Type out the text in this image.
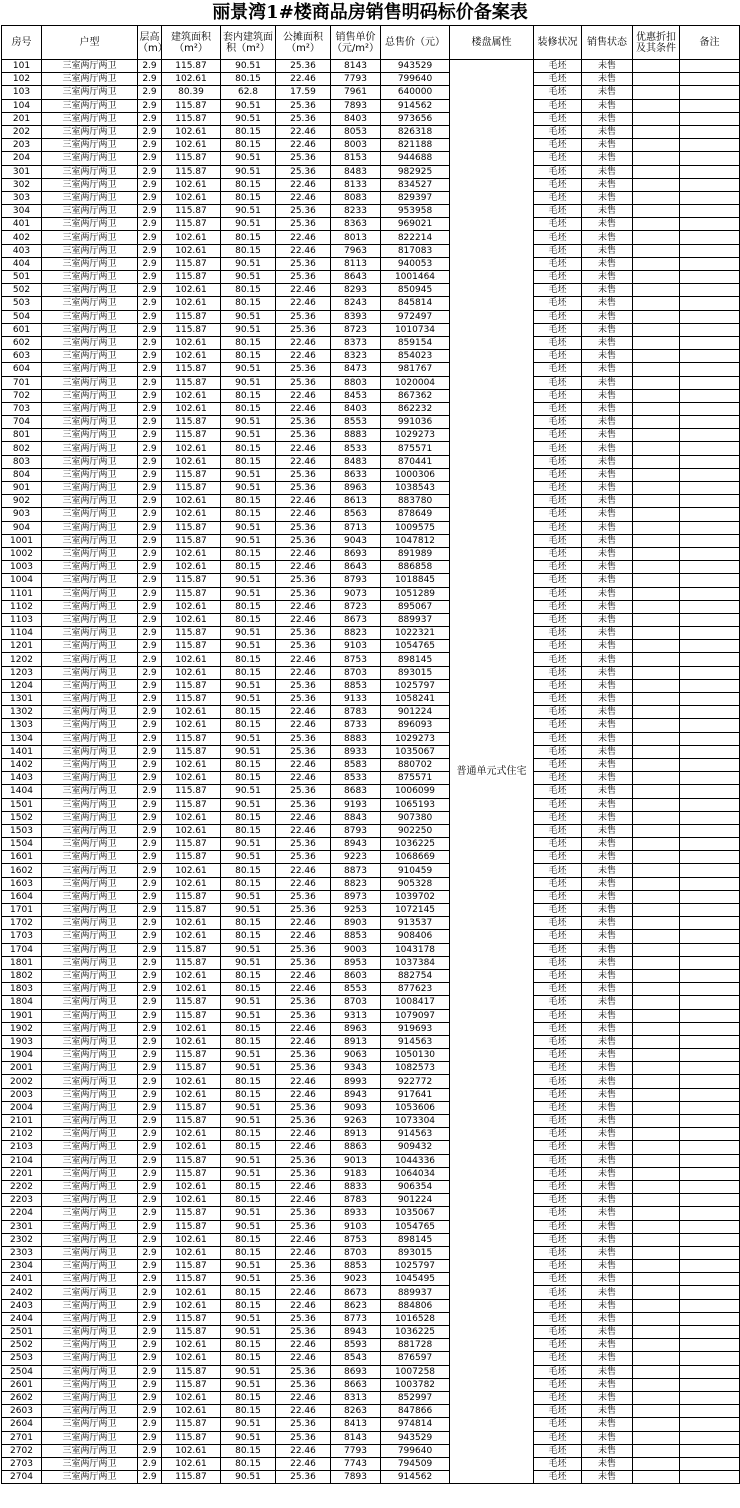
丽景湾1#楼商品房销售明码标价备案表
房号	户型	层高（m）	建筑面积（m²）	套内建筑面积（m²）	公摊面积（m²）	销售单价（元/m²）	总售价（元）	楼盘属性	装修状况	销售状态	优惠折扣及其条件	备注
101	三室两厅两卫	2.9	115.87	90.51	25.36	8143	943529	普通单元式住宅	毛坯	未售		
102	三室两厅两卫	2.9	102.61	80.15	22.46	7793	799640		毛坯	未售		
103	三室两厅两卫	2.9	80.39	62.8	17.59	7961	640000		毛坯	未售		
104	三室两厅两卫	2.9	115.87	90.51	25.36	7893	914562		毛坯	未售		
201	三室两厅两卫	2.9	115.87	90.51	25.36	8403	973656		毛坯	未售		
202	三室两厅两卫	2.9	102.61	80.15	22.46	8053	826318		毛坯	未售		
203	三室两厅两卫	2.9	102.61	80.15	22.46	8003	821188		毛坯	未售		
204	三室两厅两卫	2.9	115.87	90.51	25.36	8153	944688		毛坯	未售		
301	三室两厅两卫	2.9	115.87	90.51	25.36	8483	982925		毛坯	未售		
302	三室两厅两卫	2.9	102.61	80.15	22.46	8133	834527		毛坯	未售		
303	三室两厅两卫	2.9	102.61	80.15	22.46	8083	829397		毛坯	未售		
304	三室两厅两卫	2.9	115.87	90.51	25.36	8233	953958		毛坯	未售		
401	三室两厅两卫	2.9	115.87	90.51	25.36	8363	969021		毛坯	未售		
402	三室两厅两卫	2.9	102.61	80.15	22.46	8013	822214		毛坯	未售		
403	三室两厅两卫	2.9	102.61	80.15	22.46	7963	817083		毛坯	未售		
404	三室两厅两卫	2.9	115.87	90.51	25.36	8113	940053		毛坯	未售		
501	三室两厅两卫	2.9	115.87	90.51	25.36	8643	1001464		毛坯	未售		
502	三室两厅两卫	2.9	102.61	80.15	22.46	8293	850945		毛坯	未售		
503	三室两厅两卫	2.9	102.61	80.15	22.46	8243	845814		毛坯	未售		
504	三室两厅两卫	2.9	115.87	90.51	25.36	8393	972497		毛坯	未售		
601	三室两厅两卫	2.9	115.87	90.51	25.36	8723	1010734		毛坯	未售		
602	三室两厅两卫	2.9	102.61	80.15	22.46	8373	859154		毛坯	未售		
603	三室两厅两卫	2.9	102.61	80.15	22.46	8323	854023		毛坯	未售		
604	三室两厅两卫	2.9	115.87	90.51	25.36	8473	981767		毛坯	未售		
701	三室两厅两卫	2.9	115.87	90.51	25.36	8803	1020004		毛坯	未售		
702	三室两厅两卫	2.9	102.61	80.15	22.46	8453	867362		毛坯	未售		
703	三室两厅两卫	2.9	102.61	80.15	22.46	8403	862232		毛坯	未售		
704	三室两厅两卫	2.9	115.87	90.51	25.36	8553	991036		毛坯	未售		
801	三室两厅两卫	2.9	115.87	90.51	25.36	8883	1029273		毛坯	未售		
802	三室两厅两卫	2.9	102.61	80.15	22.46	8533	875571		毛坯	未售		
803	三室两厅两卫	2.9	102.61	80.15	22.46	8483	870441		毛坯	未售		
804	三室两厅两卫	2.9	115.87	90.51	25.36	8633	1000306		毛坯	未售		
901	三室两厅两卫	2.9	115.87	90.51	25.36	8963	1038543		毛坯	未售		
902	三室两厅两卫	2.9	102.61	80.15	22.46	8613	883780		毛坯	未售		
903	三室两厅两卫	2.9	102.61	80.15	22.46	8563	878649		毛坯	未售		
904	三室两厅两卫	2.9	115.87	90.51	25.36	8713	1009575		毛坯	未售		
1001	三室两厅两卫	2.9	115.87	90.51	25.36	9043	1047812		毛坯	未售		
1002	三室两厅两卫	2.9	102.61	80.15	22.46	8693	891989		毛坯	未售		
1003	三室两厅两卫	2.9	102.61	80.15	22.46	8643	886858		毛坯	未售		
1004	三室两厅两卫	2.9	115.87	90.51	25.36	8793	1018845		毛坯	未售		
1101	三室两厅两卫	2.9	115.87	90.51	25.36	9073	1051289		毛坯	未售		
1102	三室两厅两卫	2.9	102.61	80.15	22.46	8723	895067		毛坯	未售		
1103	三室两厅两卫	2.9	102.61	80.15	22.46	8673	889937		毛坯	未售		
1104	三室两厅两卫	2.9	115.87	90.51	25.36	8823	1022321		毛坯	未售		
1201	三室两厅两卫	2.9	115.87	90.51	25.36	9103	1054765		毛坯	未售		
1202	三室两厅两卫	2.9	102.61	80.15	22.46	8753	898145		毛坯	未售		
1203	三室两厅两卫	2.9	102.61	80.15	22.46	8703	893015		毛坯	未售		
1204	三室两厅两卫	2.9	115.87	90.51	25.36	8853	1025797		毛坯	未售		
1301	三室两厅两卫	2.9	115.87	90.51	25.36	9133	1058241		毛坯	未售		
1302	三室两厅两卫	2.9	102.61	80.15	22.46	8783	901224		毛坯	未售		
1303	三室两厅两卫	2.9	102.61	80.15	22.46	8733	896093		毛坯	未售		
1304	三室两厅两卫	2.9	115.87	90.51	25.36	8883	1029273		毛坯	未售		
1401	三室两厅两卫	2.9	115.87	90.51	25.36	8933	1035067		毛坯	未售		
1402	三室两厅两卫	2.9	102.61	80.15	22.46	8583	880702		毛坯	未售		
1403	三室两厅两卫	2.9	102.61	80.15	22.46	8533	875571		毛坯	未售		
1404	三室两厅两卫	2.9	115.87	90.51	25.36	8683	1006099		毛坯	未售		
1501	三室两厅两卫	2.9	115.87	90.51	25.36	9193	1065193		毛坯	未售		
1502	三室两厅两卫	2.9	102.61	80.15	22.46	8843	907380		毛坯	未售		
1503	三室两厅两卫	2.9	102.61	80.15	22.46	8793	902250		毛坯	未售		
1504	三室两厅两卫	2.9	115.87	90.51	25.36	8943	1036225		毛坯	未售		
1601	三室两厅两卫	2.9	115.87	90.51	25.36	9223	1068669		毛坯	未售		
1602	三室两厅两卫	2.9	102.61	80.15	22.46	8873	910459		毛坯	未售		
1603	三室两厅两卫	2.9	102.61	80.15	22.46	8823	905328		毛坯	未售		
1604	三室两厅两卫	2.9	115.87	90.51	25.36	8973	1039702		毛坯	未售		
1701	三室两厅两卫	2.9	115.87	90.51	25.36	9253	1072145		毛坯	未售		
1702	三室两厅两卫	2.9	102.61	80.15	22.46	8903	913537		毛坯	未售		
1703	三室两厅两卫	2.9	102.61	80.15	22.46	8853	908406		毛坯	未售		
1704	三室两厅两卫	2.9	115.87	90.51	25.36	9003	1043178		毛坯	未售		
1801	三室两厅两卫	2.9	115.87	90.51	25.36	8953	1037384		毛坯	未售		
1802	三室两厅两卫	2.9	102.61	80.15	22.46	8603	882754		毛坯	未售		
1803	三室两厅两卫	2.9	102.61	80.15	22.46	8553	877623		毛坯	未售		
1804	三室两厅两卫	2.9	115.87	90.51	25.36	8703	1008417		毛坯	未售		
1901	三室两厅两卫	2.9	115.87	90.51	25.36	9313	1079097		毛坯	未售		
1902	三室两厅两卫	2.9	102.61	80.15	22.46	8963	919693		毛坯	未售		
1903	三室两厅两卫	2.9	102.61	80.15	22.46	8913	914563		毛坯	未售		
1904	三室两厅两卫	2.9	115.87	90.51	25.36	9063	1050130		毛坯	未售		
2001	三室两厅两卫	2.9	115.87	90.51	25.36	9343	1082573		毛坯	未售		
2002	三室两厅两卫	2.9	102.61	80.15	22.46	8993	922772		毛坯	未售		
2003	三室两厅两卫	2.9	102.61	80.15	22.46	8943	917641		毛坯	未售		
2004	三室两厅两卫	2.9	115.87	90.51	25.36	9093	1053606		毛坯	未售		
2101	三室两厅两卫	2.9	115.87	90.51	25.36	9263	1073304		毛坯	未售		
2102	三室两厅两卫	2.9	102.61	80.15	22.46	8913	914563		毛坯	未售		
2103	三室两厅两卫	2.9	102.61	80.15	22.46	8863	909432		毛坯	未售		
2104	三室两厅两卫	2.9	115.87	90.51	25.36	9013	1044336		毛坯	未售		
2201	三室两厅两卫	2.9	115.87	90.51	25.36	9183	1064034		毛坯	未售		
2202	三室两厅两卫	2.9	102.61	80.15	22.46	8833	906354		毛坯	未售		
2203	三室两厅两卫	2.9	102.61	80.15	22.46	8783	901224		毛坯	未售		
2204	三室两厅两卫	2.9	115.87	90.51	25.36	8933	1035067		毛坯	未售		
2301	三室两厅两卫	2.9	115.87	90.51	25.36	9103	1054765		毛坯	未售		
2302	三室两厅两卫	2.9	102.61	80.15	22.46	8753	898145		毛坯	未售		
2303	三室两厅两卫	2.9	102.61	80.15	22.46	8703	893015		毛坯	未售		
2304	三室两厅两卫	2.9	115.87	90.51	25.36	8853	1025797		毛坯	未售		
2401	三室两厅两卫	2.9	115.87	90.51	25.36	9023	1045495		毛坯	未售		
2402	三室两厅两卫	2.9	102.61	80.15	22.46	8673	889937		毛坯	未售		
2403	三室两厅两卫	2.9	102.61	80.15	22.46	8623	884806		毛坯	未售		
2404	三室两厅两卫	2.9	115.87	90.51	25.36	8773	1016528		毛坯	未售		
2501	三室两厅两卫	2.9	115.87	90.51	25.36	8943	1036225		毛坯	未售		
2502	三室两厅两卫	2.9	102.61	80.15	22.46	8593	881728		毛坯	未售		
2503	三室两厅两卫	2.9	102.61	80.15	22.46	8543	876597		毛坯	未售		
2504	三室两厅两卫	2.9	115.87	90.51	25.36	8693	1007258		毛坯	未售		
2601	三室两厅两卫	2.9	115.87	90.51	25.36	8663	1003782		毛坯	未售		
2602	三室两厅两卫	2.9	102.61	80.15	22.46	8313	852997		毛坯	未售		
2603	三室两厅两卫	2.9	102.61	80.15	22.46	8263	847866		毛坯	未售		
2604	三室两厅两卫	2.9	115.87	90.51	25.36	8413	974814		毛坯	未售		
2701	三室两厅两卫	2.9	115.87	90.51	25.36	8143	943529		毛坯	未售		
2702	三室两厅两卫	2.9	102.61	80.15	22.46	7793	799640		毛坯	未售		
2703	三室两厅两卫	2.9	102.61	80.15	22.46	7743	794509		毛坯	未售		
2704	三室两厅两卫	2.9	115.87	90.51	25.36	7893	914562		毛坯	未售		
